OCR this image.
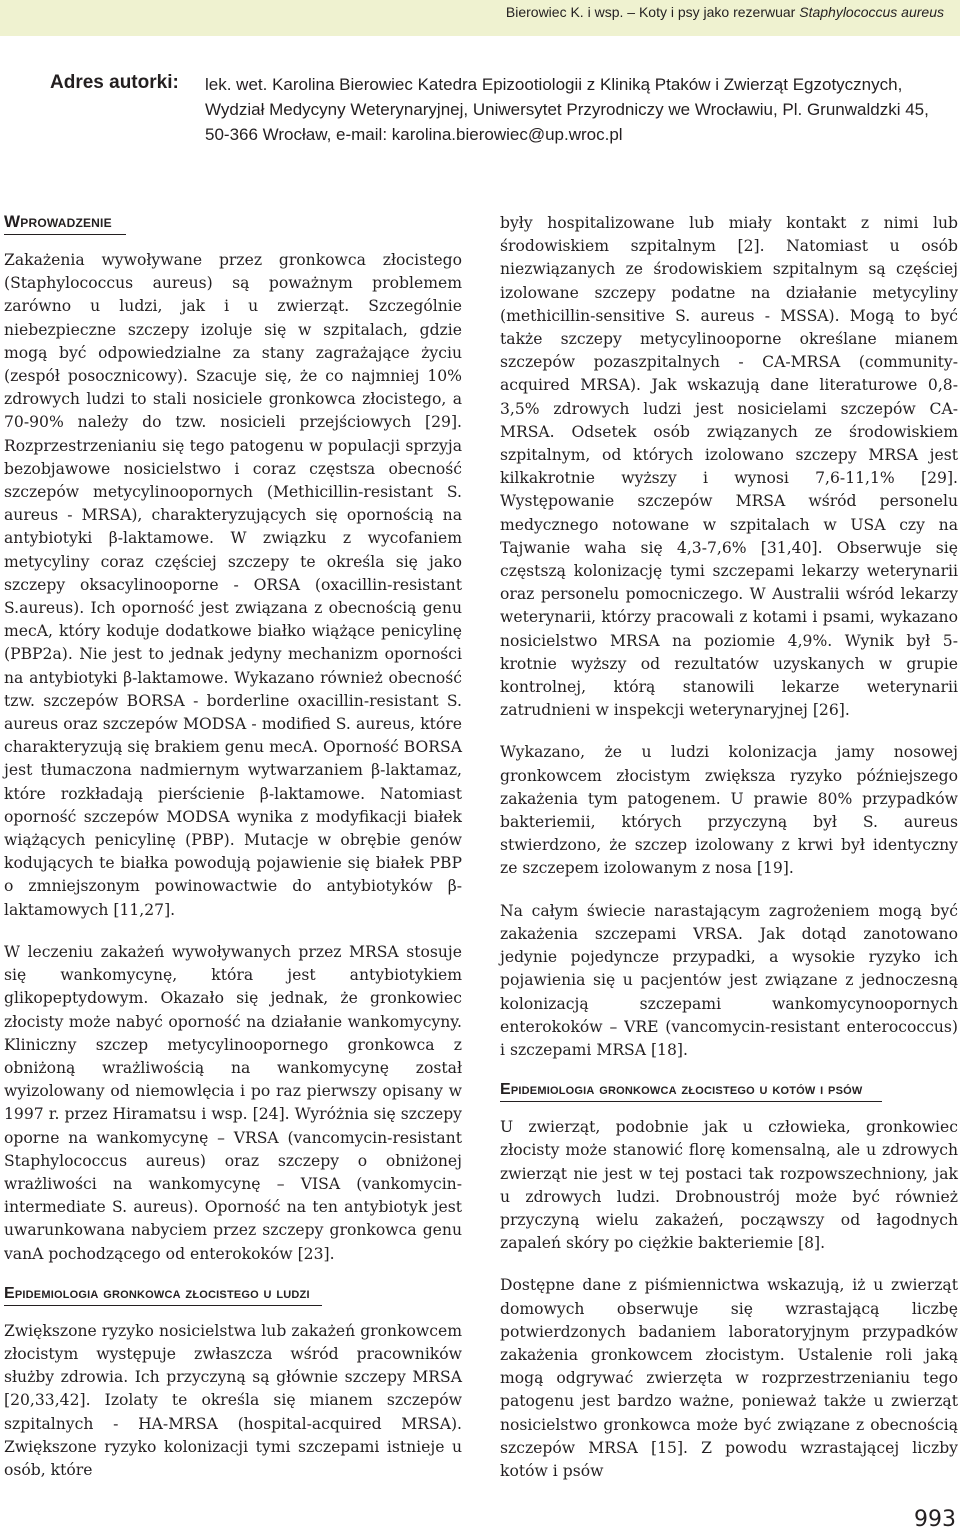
Bierowiec K. i wsp. – Koty i psy jako rezerwuar Staphylococcus aureus
Adres autorki:	lek. wet. Karolina Bierowiec Katedra Epizootiologii z Kliniką Ptaków i Zwierząt Egzotycznych, Wydział Medycyny Weterynaryjnej, Uniwersytet Przyrodniczy we Wrocławiu, Pl. Grunwaldzki 45, 50-366 Wrocław, e-mail: karolina.bierowiec@up.wroc.pl
Wprowadzenie

Zakażenia wywoływane przez gronkowca złocistego (Staphylococcus aureus) są poważnym problemem zarówno u ludzi, jak i u zwierząt. Szczególnie niebezpieczne szczepy izoluje się w szpitalach, gdzie mogą być odpowiedzialne za stany zagrażające życiu (zespół posocznicowy). Szacuje się, że co najmniej 10% zdrowych ludzi to stali nosiciele gronkowca złocistego, a 70-90% należy do tzw. nosicieli przejściowych [29]. Rozprzestrzenianiu się tego patogenu w populacji sprzyja bezobjawowe nosicielstwo i coraz częstsza obecność szczepów metycylinoopornych (Methicillin-resistant S. aureus - MRSA), charakteryzujących się opornością na antybiotyki β-laktamowe. W związku z wycofaniem metycyliny coraz częściej szczepy te określa się jako szczepy oksacylinooporne - ORSA (oxacillin-resistant S.aureus). Ich oporność jest związana z obecnością genu mecA, który koduje dodatkowe białko wiążące penicylinę (PBP2a). Nie jest to jednak jedyny mechanizm oporności na antybiotyki β-laktamowe. Wykazano również obecność tzw. szczepów BORSA - borderline oxacillin-resistant S. aureus oraz szczepów MODSA - modified S. aureus, które charakteryzują się brakiem genu mecA. Oporność BORSA jest tłumaczona nadmiernym wytwarzaniem β-laktamaz, które rozkładają pierścienie β-laktamowe. Natomiast oporność szczepów MODSA wynika z modyfikacji białek wiążących penicylinę (PBP). Mutacje w obrębie genów kodujących te białka powodują pojawienie się białek PBP o zmniejszonym powinowactwie do antybiotyków β-laktamowych [11,27].

W leczeniu zakażeń wywoływanych przez MRSA stosuje się wankomycynę, która jest antybiotykiem glikopeptydowym. Okazało się jednak, że gronkowiec złocisty może nabyć oporność na działanie wankomycyny. Kliniczny szczep metycylinoopornego gronkowca z obniżoną wrażliwością na wankomycynę został wyizolowany od niemowlęcia i po raz pierwszy opisany w 1997 r. przez Hiramatsu i wsp. [24]. Wyróżnia się szczepy oporne na wankomycynę – VRSA (vancomycin-resistant Staphylococcus aureus) oraz szczepy o obniżonej wrażliwości na wankomycynę – VISA (vankomycin-intermediate S. aureus). Oporność na ten antybiotyk jest uwarunkowana nabyciem przez szczepy gronkowca genu vanA pochodzącego od enterokoków [23].

Epidemiologia gronkowca złocistego u ludzi

Zwiększone ryzyko nosicielstwa lub zakażeń gronkowcem złocistym występuje zwłaszcza wśród pracowników służby zdrowia. Ich przyczyną są głównie szczepy MRSA [20,33,42]. Izolaty te określa się mianem szczepów szpitalnych - HA-MRSA (hospital-acquired MRSA). Zwiększone ryzyko kolonizacji tymi szczepami istnieje u osób, które

były hospitalizowane lub miały kontakt z nimi lub środowiskiem szpitalnym [2]. Natomiast u osób niezwiązanych ze środowiskiem szpitalnym są częściej izolowane szczepy podatne na działanie metycyliny (methicillin-sensitive S. aureus - MSSA). Mogą to być także szczepy metycylinooporne określane mianem szczepów pozaszpitalnych - CA-MRSA (community-acquired MRSA). Jak wskazują dane literaturowe 0,8-3,5% zdrowych ludzi jest nosicielami szczepów CA-MRSA. Odsetek osób związanych ze środowiskiem szpitalnym, od których izolowano szczepy MRSA jest kilkakrotnie wyższy i wynosi 7,6-11,1% [29]. Występowanie szczepów MRSA wśród personelu medycznego notowane w szpitalach w USA czy na Tajwanie waha się 4,3-7,6% [31,40]. Obserwuje się częstszą kolonizację tymi szczepami lekarzy weterynarii oraz personelu pomocniczego. W Australii wśród lekarzy weterynarii, którzy pracowali z kotami i psami, wykazano nosicielstwo MRSA na poziomie 4,9%. Wynik był 5-krotnie wyższy od rezultatów uzyskanych w grupie kontrolnej, którą stanowili lekarze weterynarii zatrudnieni w inspekcji weterynaryjnej [26].

Wykazano, że u ludzi kolonizacja jamy nosowej gronkowcem złocistym zwiększa ryzyko późniejszego zakażenia tym patogenem. U prawie 80% przypadków bakteriemii, których przyczyną był S. aureus stwierdzono, że szczep izolowany z krwi był identyczny ze szczepem izolowanym z nosa [19].

Na całym świecie narastającym zagrożeniem mogą być zakażenia szczepami VRSA. Jak dotąd zanotowano jedynie pojedyncze przypadki, a wysokie ryzyko ich pojawienia się u pacjentów jest związane z jednoczesną kolonizacją szczepami wankomycynoopornych enterokoków – VRE (vancomycin-resistant enterococcus) i szczepami MRSA [18].

Epidemiologia gronkowca złocistego u kotów i psów

U zwierząt, podobnie jak u człowieka, gronkowiec złocisty może stanowić florę komensalną, ale u zdrowych zwierząt nie jest w tej postaci tak rozpowszechniony, jak u zdrowych ludzi. Drobnoustrój może być również przyczyną wielu zakażeń, począwszy od łagodnych zapaleń skóry po ciężkie bakteriemie [8].

Dostępne dane z piśmiennictwa wskazują, iż u zwierząt domowych obserwuje się wzrastającą liczbę potwierdzonych badaniem laboratoryjnym przypadków zakażenia gronkowcem złocistym. Ustalenie roli jaką mogą odgrywać zwierzęta w rozprzestrzenianiu tego patogenu jest bardzo ważne, ponieważ także u zwierząt nosicielstwo gronkowca może być związane z obecnością szczepów MRSA [15]. Z powodu wzrastającej liczby kotów i psów

993
